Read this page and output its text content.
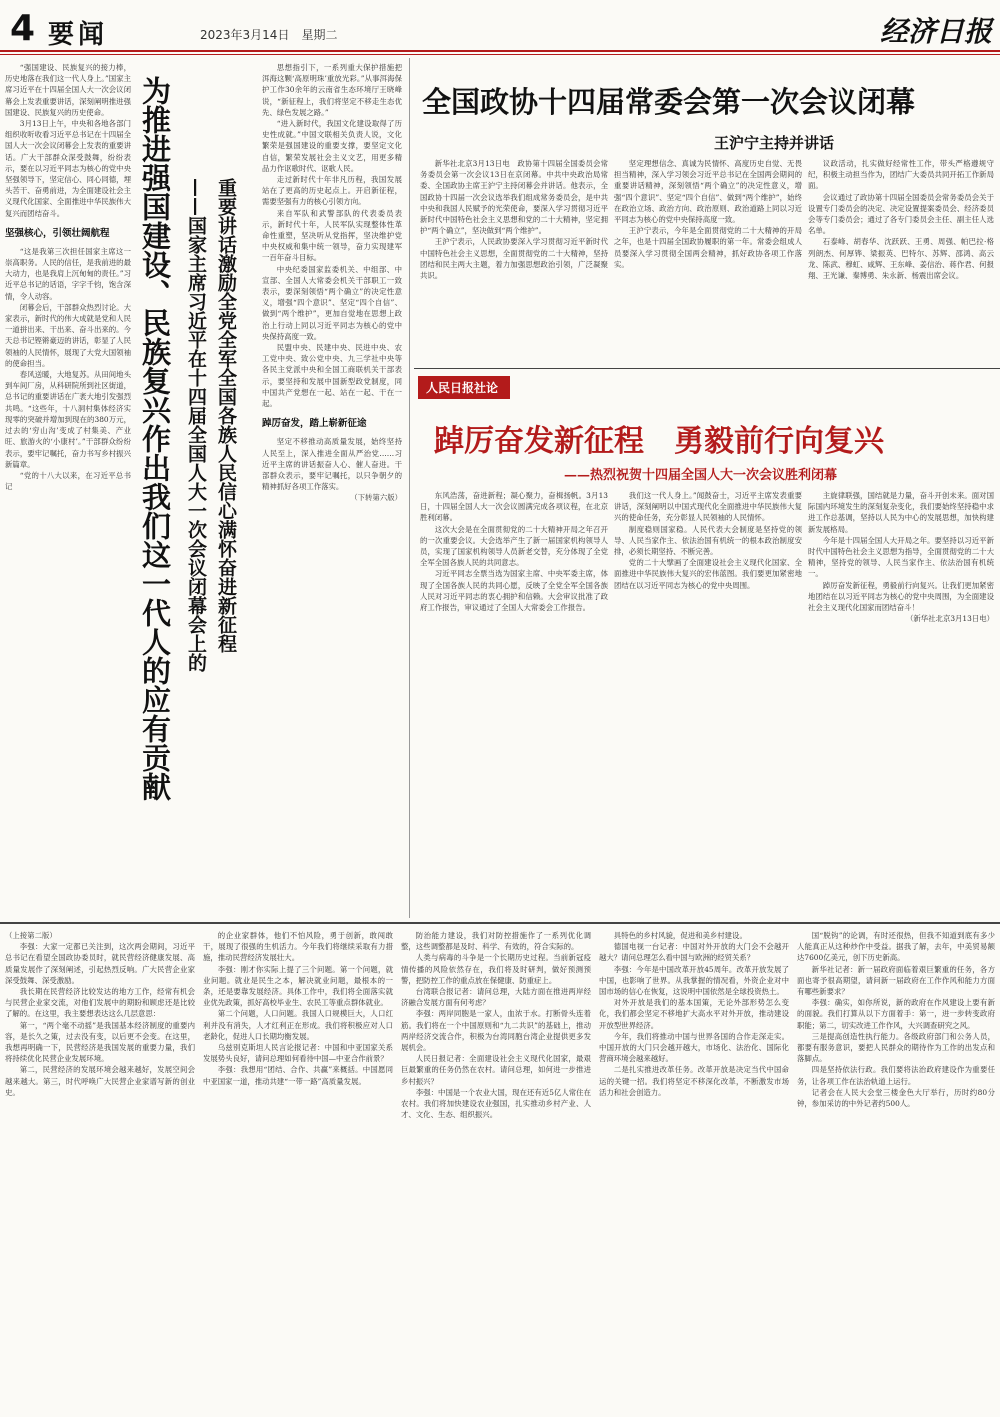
4 要闻	2023年3月14日　星期二	经济日报

“强国建设、民族复兴的接力棒，历史地落在我们这一代人身上。”国家主席习近平在十四届全国人大一次会议闭幕会上发表重要讲话，深刻阐明推进强国建设、民族复兴的历史使命。

3月13日上午，中央和各地各部门组织收听收看习近平总书记在十四届全国人大一次会议闭幕会上发表的重要讲话。广大干部群众深受鼓舞，纷纷表示，要在以习近平同志为核心的党中央坚强领导下，坚定信心、同心同德，埋头苦干、奋勇前进，为全面建设社会主义现代化国家、全面推进中华民族伟大复兴而团结奋斗。

坚强核心，引领壮阔航程

“这是我第三次担任国家主席这一崇高职务。人民的信任，是我前进的最大动力，也是我肩上沉甸甸的责任。”习近平总书记的话语，字字千钧，饱含深情，令人动容。

闭幕会后，干部群众热烈讨论。大家表示，新时代的伟大成就是党和人民一道拼出来、干出来、奋斗出来的。今天总书记铿锵豪迈的讲话，彰显了人民领袖的人民情怀，展现了大党大国领袖的使命担当。

春风送暖，大地复苏。从田间地头到车间厂房，从科研院所到社区街道，总书记的重要讲话在广袤大地引发强烈共鸣。“这些年，十八洞村集体经济实现零的突破并增加到现在的380万元，过去的‘穷山沟’变成了村集美、产业旺、旅游火的‘小康村’。”干部群众纷纷表示，要牢记嘱托，奋力书写乡村振兴新篇章。

“党的十八大以来，在习近平总书记	为推进强国建设、民族复兴作出我们这一代人的应有贡献 重要讲话激励全党全军全国各族人民信心满怀奋进新征程
——国家主席习近平在十四届全国人大一次会议闭幕会上的

思想指引下，一系列重大保护措施把洱海这颗‘高原明珠’重放光彩。”从事洱海保护工作30余年的云南省生态环境厅王晓峰说，“新征程上，我们将坚定不移走生态优先、绿色发展之路。”

“进入新时代，我国文化建设取得了历史性成就。”中国文联相关负责人说，文化繁荣是强国建设的重要支撑，要坚定文化自信，繁荣发展社会主义文艺，用更多精品力作讴歌时代、讴歌人民。

走过新时代十年非凡历程，我国发展站在了更高的历史起点上。开启新征程，需要坚强有力的核心引领方向。

来自军队和武警部队的代表委员表示，新时代十年，人民军队实现整体性革命性重塑，坚决听从党指挥，坚决维护党中央权威和集中统一领导，奋力实现建军一百年奋斗目标。

中央纪委国家监委机关、中组部、中宣部、全国人大常委会机关干部职工一致表示，要深刻领悟“两个确立”的决定性意义，增强“四个意识”、坚定“四个自信”、做到“两个维护”，更加自觉地在思想上政治上行动上同以习近平同志为核心的党中央保持高度一致。

民盟中央、民建中央、民进中央、农工党中央、致公党中央、九三学社中央等各民主党派中央和全国工商联机关干部表示，要坚持和发展中国新型政党制度，同中国共产党想在一起、站在一起、干在一起。

踔厉奋发，踏上崭新征途

坚定不移推动高质量发展，始终坚持人民至上，深入推进全面从严治党……习近平主席的讲话振奋人心、催人奋进。干部群众表示，要牢记嘱托，以只争朝夕的精神抓好各项工作落实。

（下转第六版）
全国政协十四届常委会第一次会议闭幕
王沪宁主持并讲话

新华社北京3月13日电　政协第十四届全国委员会常务委员会第一次会议13日在京闭幕。中共中央政治局常委、全国政协主席王沪宁主持闭幕会并讲话。他表示，全国政协十四届一次会议选举我们组成常务委员会，是中共中央和我国人民赋予的光荣使命，要深入学习贯彻习近平新时代中国特色社会主义思想和党的二十大精神，坚定拥护“两个确立”，坚决做到“两个维护”。

王沪宁表示，人民政协要深入学习贯彻习近平新时代中国特色社会主义思想，全面贯彻党的二十大精神，坚持团结和民主两大主题，着力加强思想政治引领，广泛凝聚共识。

坚定理想信念、真诚为民情怀、高度历史自觉、无畏担当精神，深入学习领会习近平总书记在全国两会期间的重要讲话精神，深刻领悟“两个确立”的决定性意义，增强“四个意识”、坚定“四个自信”、做到“两个维护”，始终在政治立场、政治方向、政治原则、政治道路上同以习近平同志为核心的党中央保持高度一致。

王沪宁表示，今年是全面贯彻党的二十大精神的开局之年，也是十四届全国政协履职的第一年。常委会组成人员要深入学习贯彻全国两会精神，抓好政协各项工作落实。

议政活动，扎实做好经常性工作，带头严格遵规守纪，积极主动担当作为，团结广大委员共同开拓工作新局面。

会议通过了政协第十四届全国委员会常务委员会关于设置专门委员会的决定、决定设置提案委员会、经济委员会等专门委员会；通过了各专门委员会主任、副主任人选名单。

石泰峰、胡春华、沈跃跃、王勇、周强、帕巴拉·格列朗杰、何厚铧、梁振英、巴特尔、苏辉、邵鸿、高云龙、陈武、穆虹、咸辉、王东峰、姜信治、蒋作君、何报翔、王光谦、秦博勇、朱永新、杨震出席会议。

人民日报社论
踔厉奋发新征程　勇毅前行向复兴
——热烈祝贺十四届全国人大一次会议胜利闭幕

东风浩荡，奋进新程；凝心聚力，奋楫扬帆。3月13日，十四届全国人大一次会议圆满完成各项议程，在北京胜利闭幕。

这次大会是在全面贯彻党的二十大精神开局之年召开的一次重要会议。大会选举产生了新一届国家机构领导人员，实现了国家机构领导人员新老交替，充分体现了全党全军全国各族人民的共同意志。

习近平同志全票当选为国家主席、中央军委主席，体现了全国各族人民的共同心愿，反映了全党全军全国各族人民对习近平同志的衷心拥护和信赖。大会审议批准了政府工作报告，审议通过了全国人大常委会工作报告。

我们这一代人身上。”闻鼓奋士，习近平主席发表重要讲话，深刻阐明以中国式现代化全面推进中华民族伟大复兴的使命任务，充分彰显人民领袖的人民情怀。

制度稳则国家稳。人民代表大会制度是坚持党的领导、人民当家作主、依法治国有机统一的根本政治制度安排，必须长期坚持、不断完善。

党的二十大擘画了全面建设社会主义现代化国家、全面推进中华民族伟大复兴的宏伟蓝图。我们要更加紧密地团结在以习近平同志为核心的党中央周围。

主旋律联强，国结就是力量，奋斗开创未来。面对国际国内环境发生的深刻复杂变化，我们要始终坚持稳中求进工作总基调，坚持以人民为中心的发展思想，加快构建新发展格局。

今年是十四届全国人大开局之年。要坚持以习近平新时代中国特色社会主义思想为指导，全面贯彻党的二十大精神，坚持党的领导、人民当家作主、依法治国有机统一。

踔厉奋发新征程，勇毅前行向复兴。让我们更加紧密地团结在以习近平同志为核心的党中央周围，为全面建设社会主义现代化国家而团结奋斗！

（新华社北京3月13日电）
（上接第二版）

李强：大家一定都已关注到，这次两会期间，习近平总书记在看望全国政协委员时，就民营经济健康发展、高质量发展作了深刻阐述，引起热烈反响。广大民营企业家深受鼓舞、深受激励。

我长期在民营经济比较发达的地方工作，经常有机会与民营企业家交流，对他们发展中的期盼和顾虑还是比较了解的。在这里，我主要想表达这么几层意思：

第一，“两个毫不动摇”是我国基本经济制度的重要内容，是长久之策，过去没有变，以后更不会变。在这里，我想再明确一下，民营经济是我国发展的重要力量，我们将持续优化民营企业发展环境。

第二，民营经济的发展环境会越来越好，发展空间会越来越大。第三，时代呼唤广大民营企业家谱写新的创业史。

的企业家群体，他们不怕风险，勇于创新，敢闯敢干，展现了很强的生机活力。今年我们将继续采取有力措施，推动民营经济发展壮大。

李强：刚才你实际上提了三个问题。第一个问题，就业问题。就业是民生之本，解决就业问题，最根本的一条，还是要靠发展经济。具体工作中，我们将全面落实就业优先政策，抓好高校毕业生、农民工等重点群体就业。

第二个问题，人口问题。我国人口规模巨大，人口红利并没有消失，人才红利正在形成。我们将积极应对人口老龄化，促进人口长期均衡发展。

乌兹别克斯坦人民言论报记者：中国和中亚国家关系发展势头良好，请问总理如何看待中国—中亚合作前景？

李强：我想用“团结、合作、共赢”来概括。中国愿同中亚国家一道，推动共建“一带一路”高质量发展。

防治能力建设，我们对防控措施作了一系列优化调整，这些调整都是及时、科学、有效的，符合实际的。

人类与病毒的斗争是一个长期历史过程。当前新冠疫情传播的风险依然存在，我们将及时研判，做好预测预警，把防控工作的重点放在保健康、防重症上。

台湾联合报记者：请问总理，大陆方面在推进两岸经济融合发展方面有何考虑？

李强：两岸同胞是一家人，血浓于水。打断骨头连着筋。我们将在一个中国原则和“九二共识”的基础上，推动两岸经济交流合作，积极为台湾同胞台湾企业提供更多发展机会。

人民日报记者：全面建设社会主义现代化国家，最艰巨最繁重的任务仍然在农村。请问总理，如何进一步推进乡村振兴？

李强：中国是一个农业大国，现在还有近5亿人常住在农村。我们将加快建设农业强国，扎实推动乡村产业、人才、文化、生态、组织振兴。

具特色的乡村风貌，促进和美乡村建设。

德国电视一台记者：中国对外开放的大门会不会越开越大？请问总理怎么看中国与欧洲的经贸关系？

李强：今年是中国改革开放45周年。改革开放发展了中国，也影响了世界。从我掌握的情况看，外资企业对中国市场的信心在恢复，这说明中国依然是全球投资热土。

对外开放是我们的基本国策，无论外部形势怎么变化，我们都会坚定不移地扩大高水平对外开放，推动建设开放型世界经济。

今年，我们将推动中国与世界各国的合作走深走实。中国开放的大门只会越开越大，市场化、法治化、国际化营商环境会越来越好。

二是扎实推进改革任务。改革开放是决定当代中国命运的关键一招。我们将坚定不移深化改革，不断激发市场活力和社会创造力。

国“脱钩”的论调，有时还很热，但我不知道到底有多少人能真正从这种炒作中受益。据我了解，去年，中美贸易额达7600亿美元，创下历史新高。

新华社记者：新一届政府面临着艰巨繁重的任务，各方面也寄予很高期望，请问新一届政府在工作作风和能力方面有哪些新要求？

李强：确实，如你所说，新的政府在作风建设上要有新的面貌。我们打算从以下方面着手：第一，进一步转变政府职能；第二，切实改进工作作风，大兴调查研究之风。

三是提高创造性执行能力。各级政府部门和公务人员，都要有服务意识，要把人民群众的期待作为工作的出发点和落脚点。

四是坚持依法行政。我们要将法治政府建设作为重要任务，让各项工作在法治轨道上运行。

记者会在人民大会堂三楼金色大厅举行，历时约80分钟，参加采访的中外记者约500人。
